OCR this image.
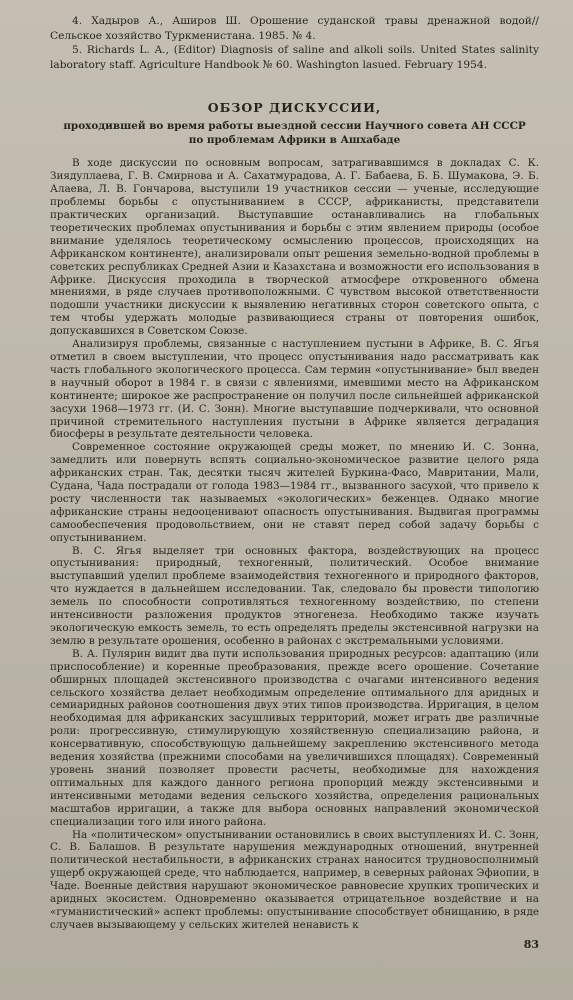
4. Хадыров А., Аширов Ш. Орошение суданской травы дренажной водой// Сельское хозяйство Туркменистана. 1985. № 4.

5. Richards L. A., (Editor) Diagnosis of saline and alkoli soils. United States salinity laboratory staff. Agriculture Handbook № 60. Washington lasued. February 1954.

ОБЗОР ДИСКУССИИ,
проходившей во время работы выездной сессии Научного совета АН СССР
по проблемам Африки в Ашхабаде

В ходе дискуссии по основным вопросам, затрагивавшимся в докладах С. К. Зиядуллаева, Г. В. Смирнова и А. Сахатмурадова, А. Г. Бабаева, Б. Б. Шумакова, Э. Б. Алаева, Л. В. Гончарова, выступили 19 участников сессии — ученые, исследующие проблемы борьбы с опустыниванием в СССР, африканисты, представители практических организаций. Выступавшие останавливались на глобальных теоретических проблемах опустынивания и борьбы с этим явлением природы (особое внимание уделялось теоретическому осмыслению процессов, происходящих на Африканском континенте), анализировали опыт решения земельно-водной проблемы в советских республиках Средней Азии и Казахстана и возможности его использования в Африке. Дискуссия проходила в творческой атмосфере откровенного обмена мнениями, в ряде случаев противоположными. С чувством высокой ответственности подошли участники дискуссии к выявлению негативных сторон советского опыта, с тем чтобы удержать молодые развивающиеся страны от повторения ошибок, допускавшихся в Советском Союзе.

Анализируя проблемы, связанные с наступлением пустыни в Африке, В. С. Ягья отметил в своем выступлении, что процесс опустынивания надо рассматривать как часть глобального экологического процесса. Сам термин «опустынивание» был введен в научный оборот в 1984 г. в связи с явлениями, имевшими место на Африканском континенте; широкое же распространение он получил после сильнейшей африканской засухи 1968—1973 гг. (И. С. Зонн). Многие выступавшие подчеркивали, что основной причиной стремительного наступления пустыни в Африке является деградация биосферы в результате деятельности человека.

Современное состояние окружающей среды может, по мнению И. С. Зонна, замедлить или повернуть вспять социально-экономическое развитие целого ряда африканских стран. Так, десятки тысяч жителей Буркина-Фасо, Мавритании, Мали, Судана, Чада пострадали от голода 1983—1984 гг., вызванного засухой, что привело к росту численности так называемых «экологических» беженцев. Однако многие африканские страны недооценивают опасность опустынивания. Выдвигая программы самообеспечения продовольствием, они не ставят перед собой задачу борьбы с опустыниванием.

В. С. Ягья выделяет три основных фактора, воздействующих на процесс опустынивания: природный, техногенный, политический. Особое внимание выступавший уделил проблеме взаимодействия техногенного и природного факторов, что нуждается в дальнейшем исследовании. Так, следовало бы провести типологию земель по способности сопротивляться техногенному воздействию, по степени интенсивности разложения продуктов этногенеза. Необходимо также изучать экологическую емкость земель, то есть определять пределы экстенсивной нагрузки на землю в результате орошения, особенно в районах с экстремальными условиями.

В. А. Пулярин видит два пути использования природных ресурсов: адаптацию (или приспособление) и коренные преобразования, прежде всего орошение. Сочетание обширных площадей экстенсивного производства с очагами интенсивного ведения сельского хозяйства делает необходимым определение оптимального для аридных и семиаридных районов соотношения двух этих типов производства. Ирригация, в целом необходимая для африканских засушливых территорий, может играть две различные роли: прогрессивную, стимулирующую хозяйственную специализацию района, и консервативную, способствующую дальнейшему закреплению экстенсивного метода ведения хозяйства (прежними способами на увеличившихся площадях). Современный уровень знаний позволяет провести расчеты, необходимые для нахождения оптимальных для каждого данного региона пропорций между экстенсивными и интенсивными методами ведения сельского хозяйства, определения рациональных масштабов ирригации, а также для выбора основных направлений экономической специализации того или иного района.

На «политическом» опустынивании остановились в своих выступлениях И. С. Зонн, С. В. Балашов. В результате нарушения международных отношений, внутренней политической нестабильности, в африканских странах наносится трудновосполнимый ущерб окружающей среде, что наблюдается, например, в северных районах Эфиопии, в Чаде. Военные действия нарушают экономическое равновесие хрупких тропических и аридных экосистем. Одновременно оказывается отрицательное воздействие и на «гуманистический» аспект проблемы: опустынивание способствует обнищанию, в ряде случаев вызывающему у сельских жителей ненависть к

83
